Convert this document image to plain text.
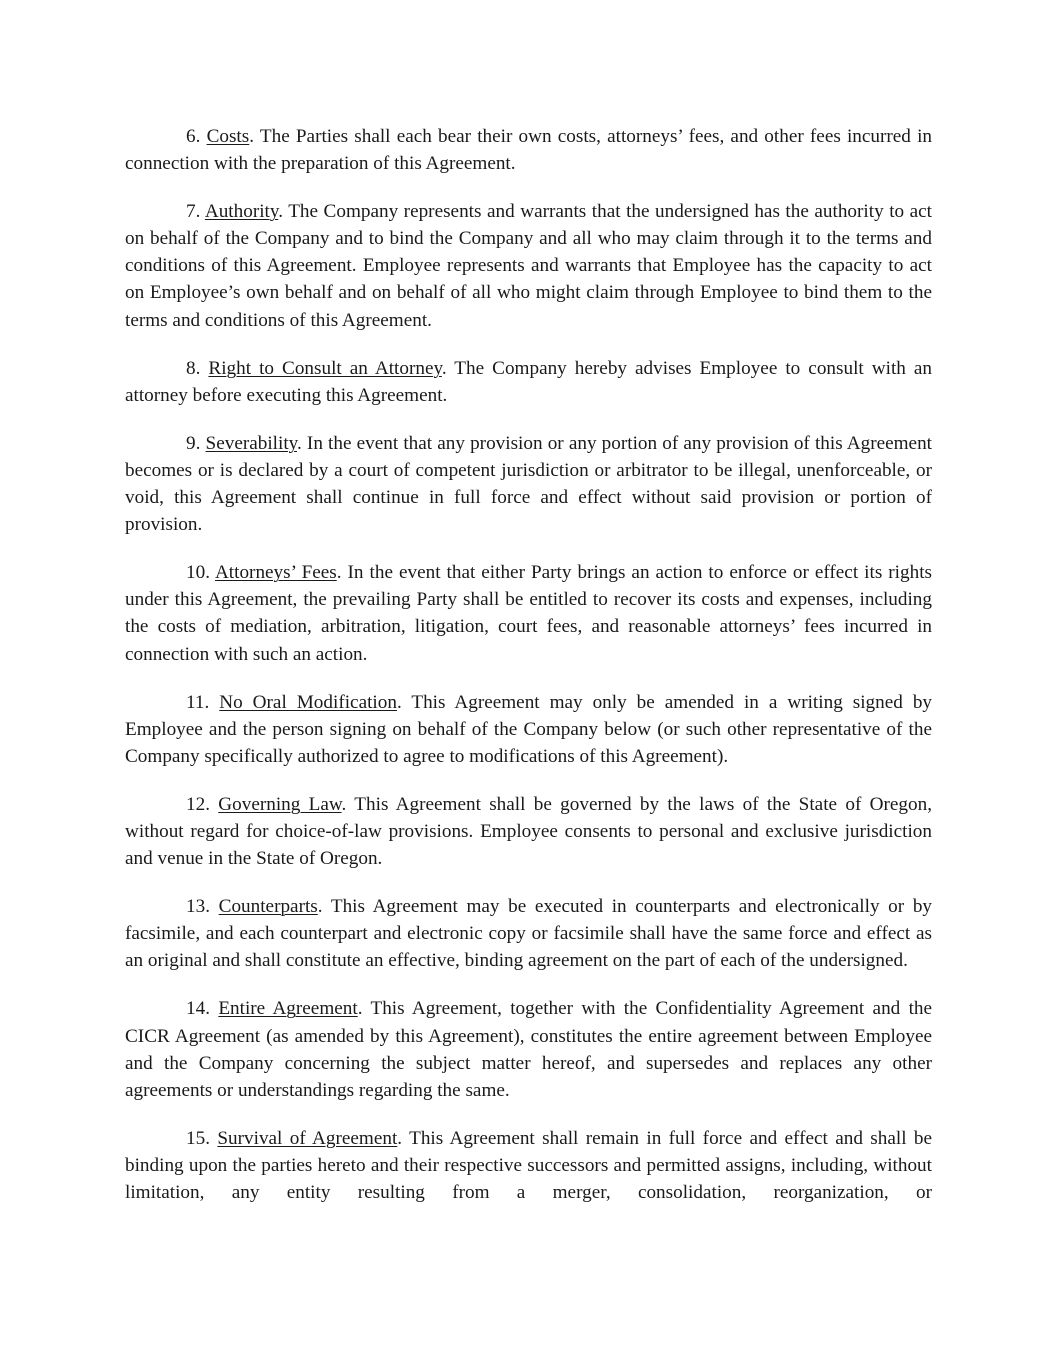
6. Costs. The Parties shall each bear their own costs, attorneys’ fees, and other fees incurred in connection with the preparation of this Agreement.

7. Authority. The Company represents and warrants that the undersigned has the authority to act on behalf of the Company and to bind the Company and all who may claim through it to the terms and conditions of this Agreement. Employee represents and warrants that Employee has the capacity to act on Employee’s own behalf and on behalf of all who might claim through Employee to bind them to the terms and conditions of this Agreement.

8. Right to Consult an Attorney. The Company hereby advises Employee to consult with an attorney before executing this Agreement.

9. Severability. In the event that any provision or any portion of any provision of this Agreement becomes or is declared by a court of competent jurisdiction or arbitrator to be illegal, unenforceable, or void, this Agreement shall continue in full force and effect without said provision or portion of provision.

10. Attorneys’ Fees. In the event that either Party brings an action to enforce or effect its rights under this Agreement, the prevailing Party shall be entitled to recover its costs and expenses, including the costs of mediation, arbitration, litigation, court fees, and reasonable attorneys’ fees incurred in connection with such an action.

11. No Oral Modification. This Agreement may only be amended in a writing signed by Employee and the person signing on behalf of the Company below (or such other representative of the Company specifically authorized to agree to modifications of this Agreement).

12. Governing Law. This Agreement shall be governed by the laws of the State of Oregon, without regard for choice-of-law provisions. Employee consents to personal and exclusive jurisdiction and venue in the State of Oregon.

13. Counterparts. This Agreement may be executed in counterparts and electronically or by facsimile, and each counterpart and electronic copy or facsimile shall have the same force and effect as an original and shall constitute an effective, binding agreement on the part of each of the undersigned.

14. Entire Agreement. This Agreement, together with the Confidentiality Agreement and the CICR Agreement (as amended by this Agreement), constitutes the entire agreement between Employee and the Company concerning the subject matter hereof, and supersedes and replaces any other agreements or understandings regarding the same.

15. Survival of Agreement. This Agreement shall remain in full force and effect and shall be binding upon the parties hereto and their respective successors and permitted assigns, including, without limitation, any entity resulting from a merger, consolidation, reorganization, or
